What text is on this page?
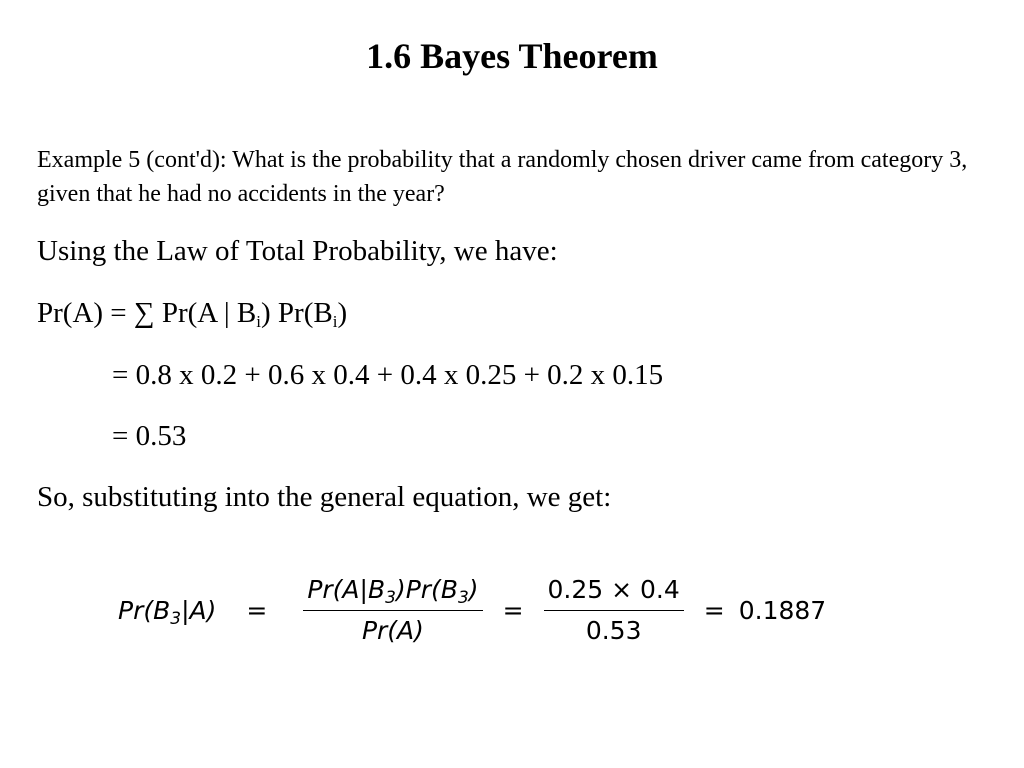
1.6 Bayes Theorem
Example 5 (cont'd): What is the probability that a randomly chosen driver came from category 3, given that he had no accidents in the year?
Using the Law of Total Probability, we have:
Pr(A) = ∑ Pr(A | $B_i$) $Pr(B_i)$
= 0.8 x 0.2 + 0.6 x 0.4 + 0.4 x 0.25 + 0.2 x 0.15
= 0.53
So, substituting into the general equation, we get:
$Pr(B_3|A) = \frac{Pr(A|B_3)Pr(B_3)}{Pr(A)} = \frac{0.25 \times 0.4}{0.53} = 0.1887$
